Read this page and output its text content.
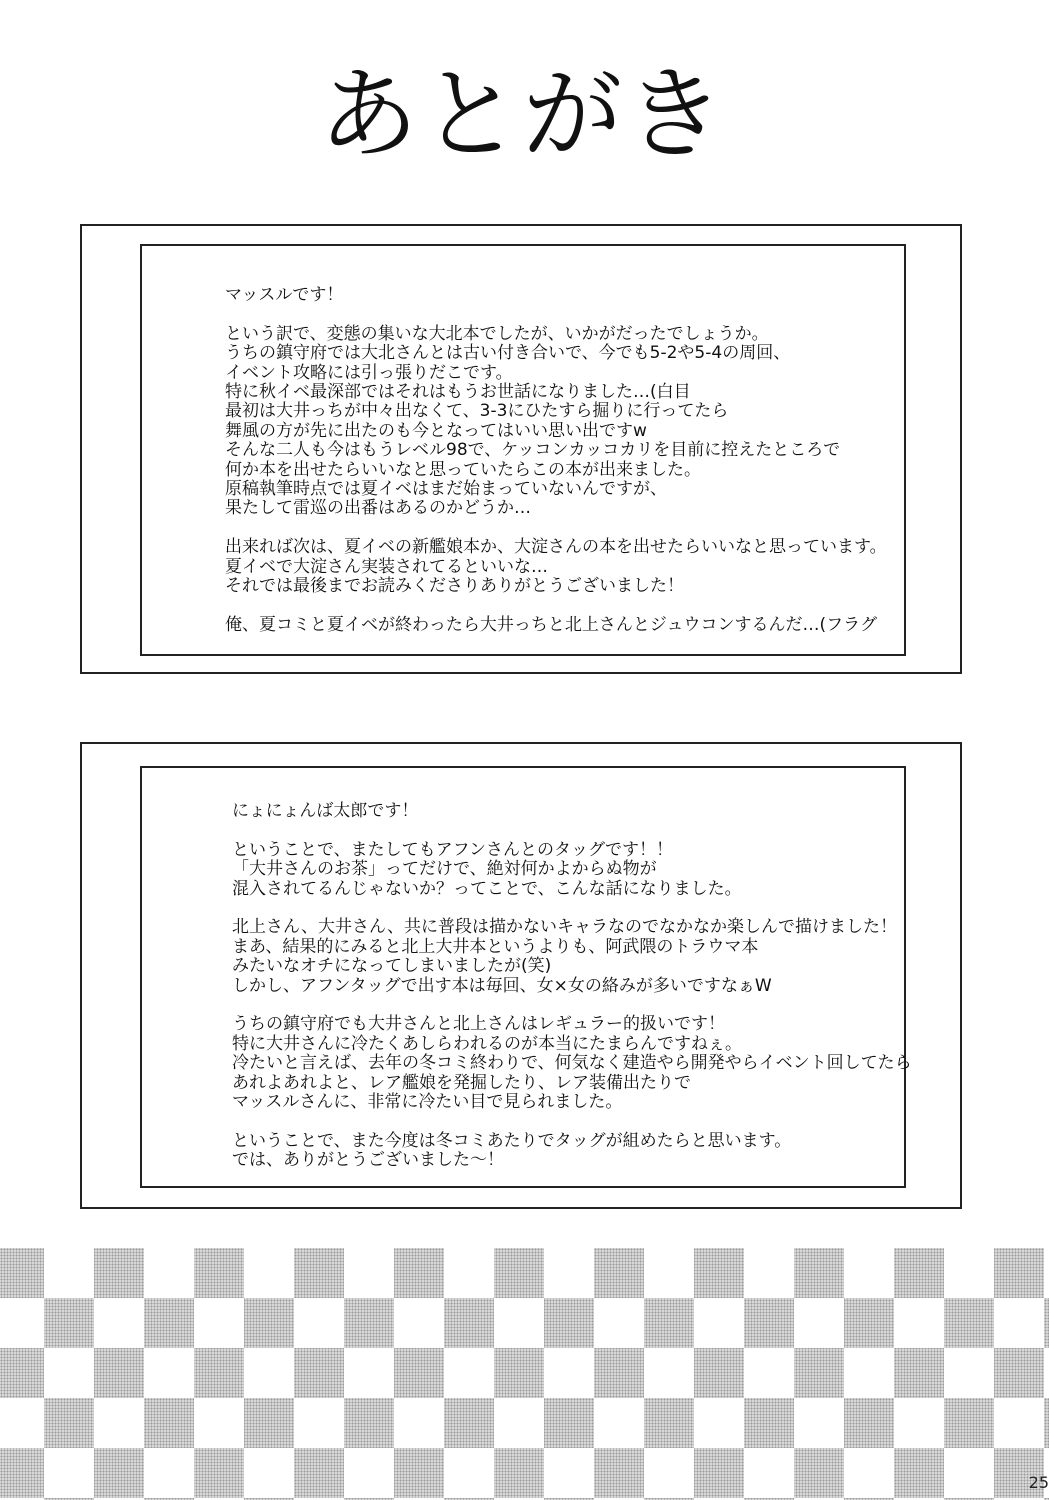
あとがき

マッスルです！

という訳で、変態の集いな大北本でしたが、いかがだったでしょうか。

うちの鎮守府では大北さんとは古い付き合いで、今でも5-2や5-4の周回、

イベント攻略には引っ張りだこです。

特に秋イベ最深部ではそれはもうお世話になりました…(白目

最初は大井っちが中々出なくて、3-3にひたすら掘りに行ってたら

舞風の方が先に出たのも今となってはいい思い出ですw

そんな二人も今はもうレベル98で、ケッコンカッコカリを目前に控えたところで

何か本を出せたらいいなと思っていたらこの本が出来ました。

原稿執筆時点では夏イベはまだ始まっていないんですが、

果たして雷巡の出番はあるのかどうか…

出来れば次は、夏イベの新艦娘本か、大淀さんの本を出せたらいいなと思っています。

夏イベで大淀さん実装されてるといいな…

それでは最後までお読みくださりありがとうございました！

俺、夏コミと夏イベが終わったら大井っちと北上さんとジュウコンするんだ…(フラグ

にょにょんば太郎です！

ということで、またしてもアフンさんとのタッグです！！

「大井さんのお茶」ってだけで、絶対何かよからぬ物が

混入されてるんじゃないか？ってことで、こんな話になりました。

北上さん、大井さん、共に普段は描かないキャラなのでなかなか楽しんで描けました！

まあ、結果的にみると北上大井本というよりも、阿武隈のトラウマ本

みたいなオチになってしまいましたが(笑)

しかし、アフンタッグで出す本は毎回、女×女の絡みが多いですなぁW

うちの鎮守府でも大井さんと北上さんはレギュラー的扱いです！

特に大井さんに冷たくあしらわれるのが本当にたまらんですねぇ。

冷たいと言えば、去年の冬コミ終わりで、何気なく建造やら開発やらイベント回してたら

あれよあれよと、レア艦娘を発掘したり、レア装備出たりで

マッスルさんに、非常に冷たい目で見られました。

ということで、また今度は冬コミあたりでタッグが組めたらと思います。

では、ありがとうございました～！

25
